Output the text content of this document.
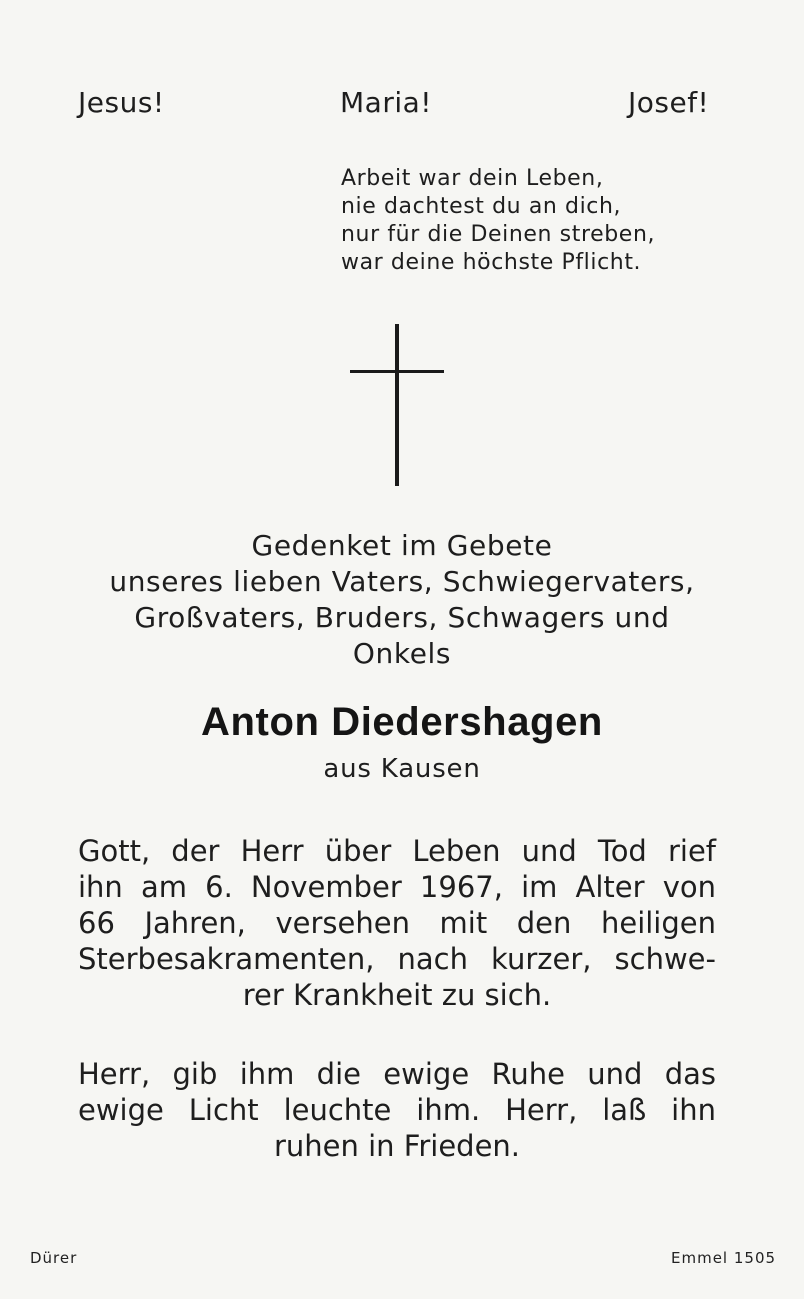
Jesus!	Maria!	Josef!
Arbeit war dein Leben,
nie dachtest du an dich,
nur für die Deinen streben,
war deine höchste Pflicht.
Gedenket im Gebete
unseres lieben Vaters, Schwiegervaters,
Großvaters, Bruders, Schwagers und
Onkels
Anton Diedershagen
aus Kausen
Gott, der Herr über Leben und Tod rief
ihn am 6. November 1967, im Alter von
66 Jahren, versehen mit den heiligen
Sterbesakramenten, nach kurzer, schwe-
rer Krankheit zu sich.
Herr, gib ihm die ewige Ruhe und das
ewige Licht leuchte ihm. Herr, laß ihn
ruhen in Frieden.
Dürer	Emmel 1505
